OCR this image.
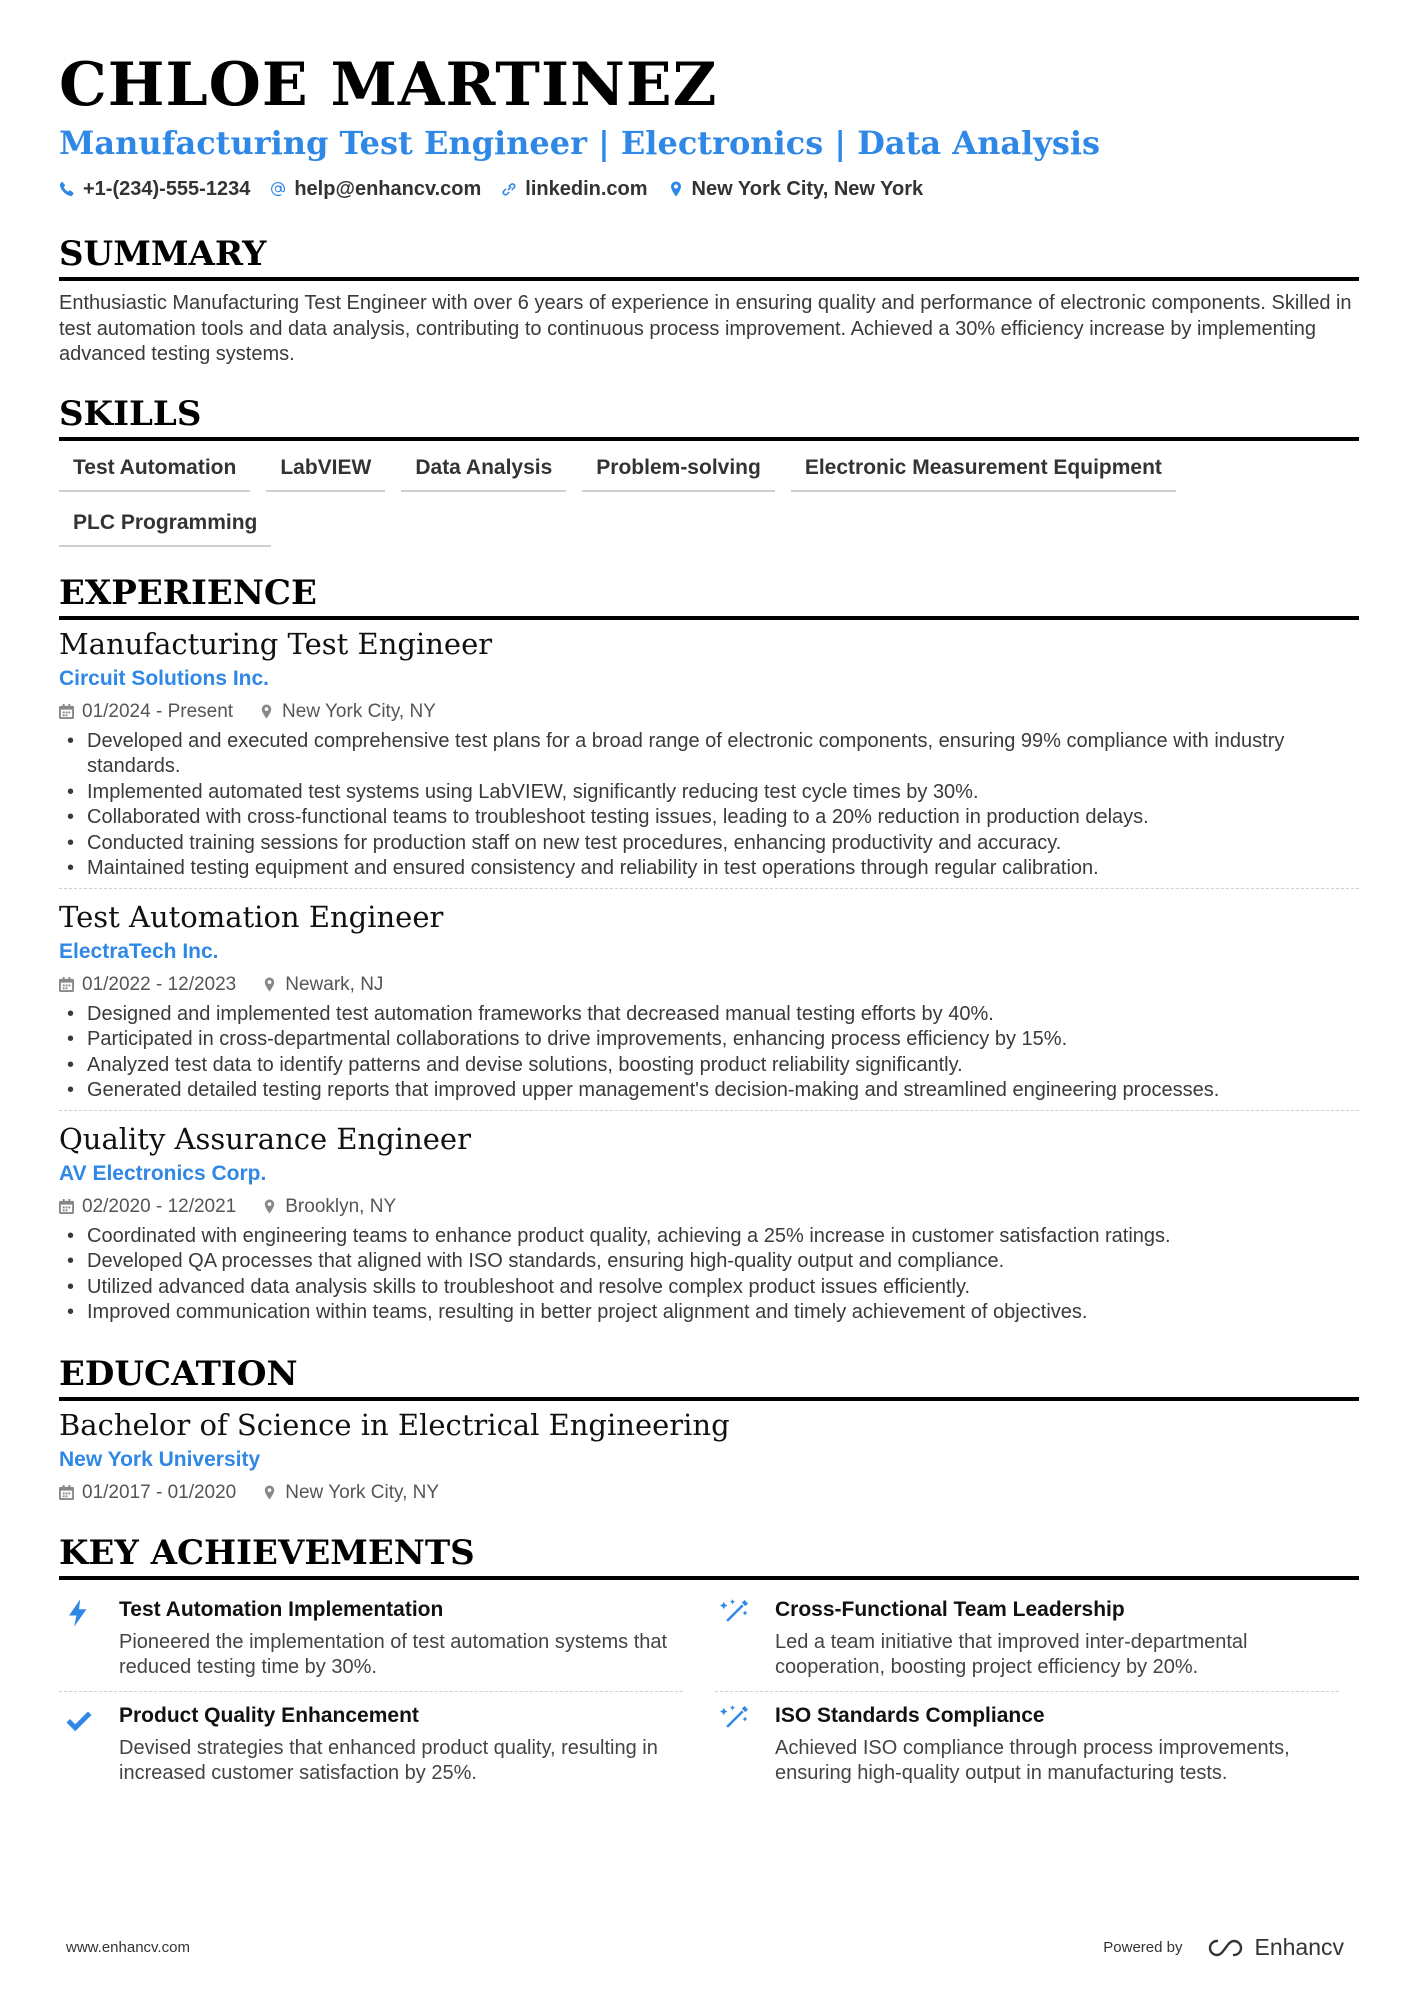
CHLOE MARTINEZ
Manufacturing Test Engineer | Electronics | Data Analysis
+1-(234)-555-1234 help@enhancv.com linkedin.com New York City, New York
SUMMARY

Enthusiastic Manufacturing Test Engineer with over 6 years of experience in ensuring quality and performance of electronic components. Skilled in test automation tools and data analysis, contributing to continuous process improvement. Achieved a 30% efficiency increase by implementing advanced testing systems.

SKILLS
Test Automation	LabVIEW	Data Analysis	Problem-solving	Electronic Measurement Equipment
PLC Programming
EXPERIENCE
Manufacturing Test Engineer
Circuit Solutions Inc.
01/2024 - Present	New York City, NY
• Developed and executed comprehensive test plans for a broad range of electronic components, ensuring 99% compliance with industry standards.
• Implemented automated test systems using LabVIEW, significantly reducing test cycle times by 30%.
• Collaborated with cross-functional teams to troubleshoot testing issues, leading to a 20% reduction in production delays.
• Conducted training sessions for production staff on new test procedures, enhancing productivity and accuracy.
• Maintained testing equipment and ensured consistency and reliability in test operations through regular calibration.
Test Automation Engineer
ElectraTech Inc.
01/2022 - 12/2023	Newark, NJ
• Designed and implemented test automation frameworks that decreased manual testing efforts by 40%.
• Participated in cross-departmental collaborations to drive improvements, enhancing process efficiency by 15%.
• Analyzed test data to identify patterns and devise solutions, boosting product reliability significantly.
• Generated detailed testing reports that improved upper management's decision-making and streamlined engineering processes.
Quality Assurance Engineer
AV Electronics Corp.
02/2020 - 12/2021	Brooklyn, NY
• Coordinated with engineering teams to enhance product quality, achieving a 25% increase in customer satisfaction ratings.
• Developed QA processes that aligned with ISO standards, ensuring high-quality output and compliance.
• Utilized advanced data analysis skills to troubleshoot and resolve complex product issues efficiently.
• Improved communication within teams, resulting in better project alignment and timely achievement of objectives.
EDUCATION
Bachelor of Science in Electrical Engineering
New York University
01/2017 - 01/2020	New York City, NY
KEY ACHIEVEMENTS
Test Automation Implementation
Pioneered the implementation of test automation systems that reduced testing time by 30%.
Cross-Functional Team Leadership
Led a team initiative that improved inter-departmental cooperation, boosting project efficiency by 20%.
Product Quality Enhancement
Devised strategies that enhanced product quality, resulting in increased customer satisfaction by 25%.
ISO Standards Compliance
Achieved ISO compliance through process improvements, ensuring high-quality output in manufacturing tests.
www.enhancv.com	Powered by	Enhancv
